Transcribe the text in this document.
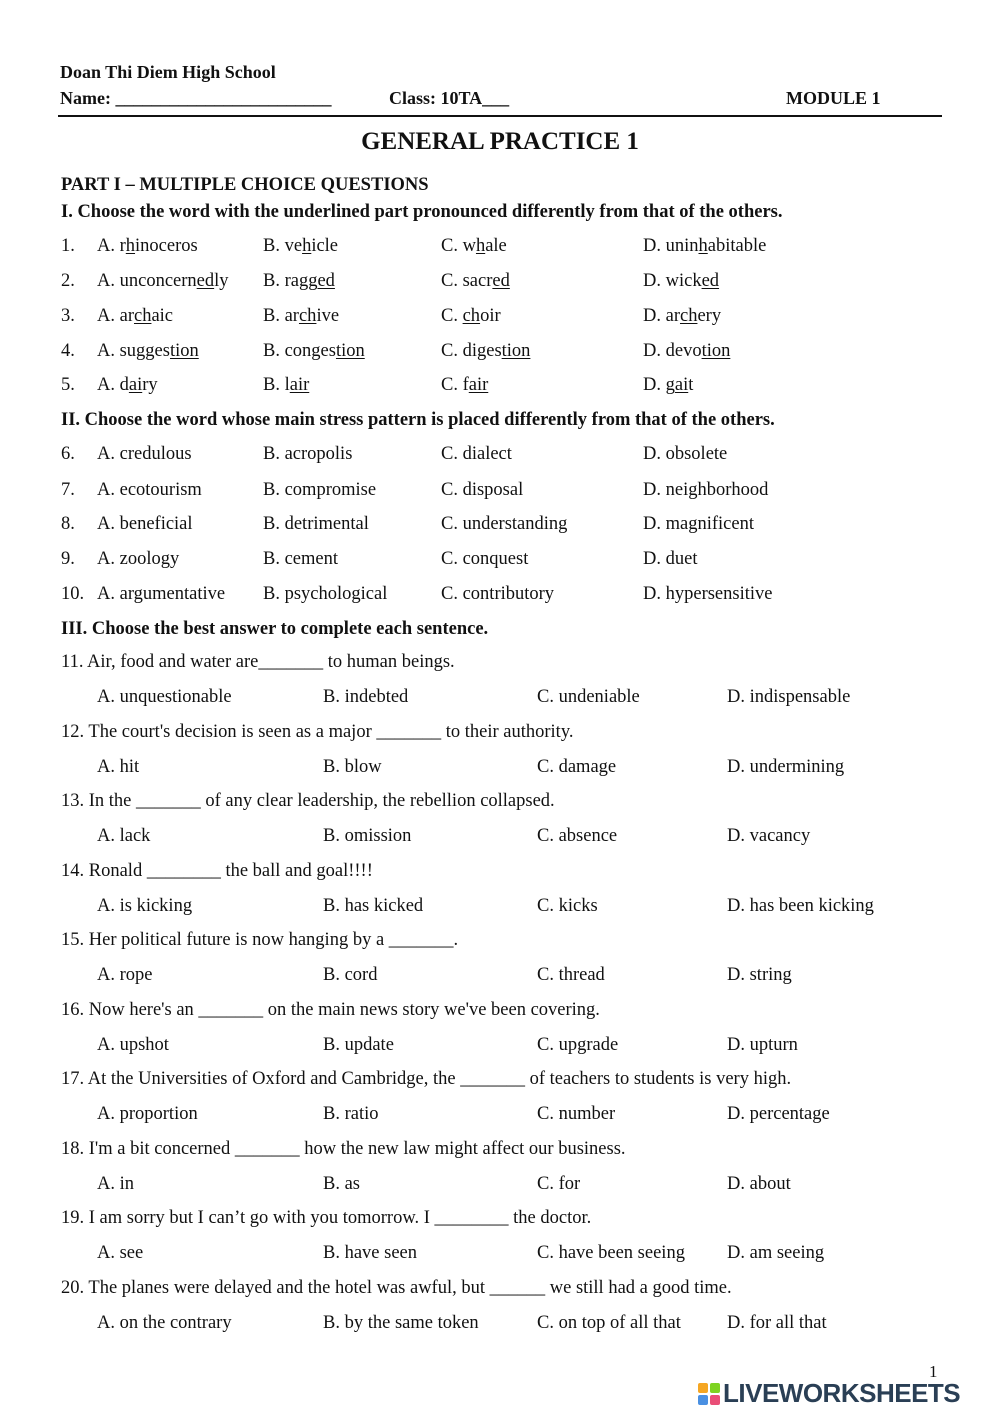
Doan Thi Diem High School
Name: ________________________	Class: 10TA___	MODULE 1
GENERAL PRACTICE 1
PART I – MULTIPLE CHOICE QUESTIONS
I. Choose the word with the underlined part pronounced differently from that of the others.
1. A. rhinoceros	B. vehicle	C. whale	D. uninhabitable
2. A. unconcernedly B. ragged	C. sacred	D. wicked
3. A. archaic	B. archive	C. choir	D. archery
4. A. suggestion	B. congestion	C. digestion	D. devotion
5. A. dairy	B. lair	C. fair	D. gait
II. Choose the word whose main stress pattern is placed differently from that of the others.
6. A. credulous	B. acropolis	C. dialect	D. obsolete
7. A. ecotourism	B. compromise	C. disposal	D. neighborhood
8. A. beneficial	B. detrimental	C. understanding	D. magnificent
9. A. zoology	B. cement	C. conquest	D. duet
10. A. argumentative B. psychological	C. contributory	D. hypersensitive
III. Choose the best answer to complete each sentence.
11. Air, food and water are_______ to human beings.
A. unquestionable	B. indebted	C. undeniable	D. indispensable
12. The court's decision is seen as a major _______ to their authority.
A. hit	B. blow	C. damage	D. undermining
13. In the _______ of any clear leadership, the rebellion collapsed.
A. lack	B. omission	C. absence	D. vacancy
14. Ronald ________ the ball and goal!!!!
A. is kicking	B. has kicked	C. kicks	D. has been kicking
15. Her political future is now hanging by a _______.
A. rope	B. cord	C. thread	D. string
16. Now here's an _______ on the main news story we've been covering.
A. upshot	B. update	C. upgrade	D. upturn
17. At the Universities of Oxford and Cambridge, the _______ of teachers to students is very high.
A. proportion	B. ratio	C. number	D. percentage
18. I'm a bit concerned _______ how the new law might affect our business.
A. in	B. as	C. for	D. about
19. I am sorry but I can’t go with you tomorrow. I ________ the doctor.
A. see	B. have seen	C. have been seeing D. am seeing
20. The planes were delayed and the hotel was awful, but ______ we still had a good time.
A. on the contrary	B. by the same token	C. on top of all that D. for all that
1
LIVEWORKSHEETS
